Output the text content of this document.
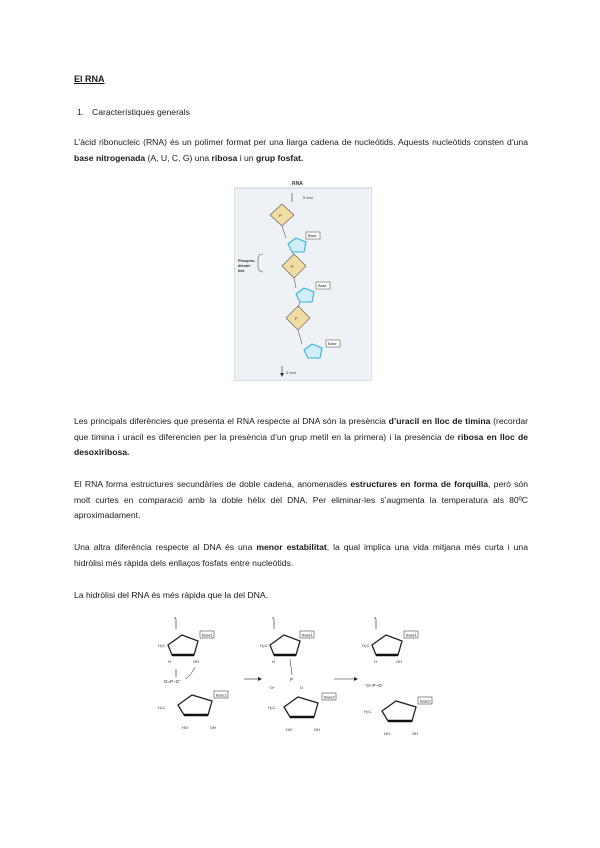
El RNA
1. Característiques generals

L’àcid ribonucleic (RNA) és un polímer format per una llarga cadena de nucleòtids. Aquests nucleòtids consten d’una base nitrogenada (A, U, C, G) una ribosa i un grup fosfat.

RNA
5’ end
P
Base
Phospho-
diester
link
P
Base
P
Base
3’ end

Les principals diferències que presenta el RNA respecte al DNA són la presència d’uracil en lloc de timina (recordar que timina i uracil es diferencien per la presència d’un grup metil en la primera) i la presència de ribosa en lloc de desoxiribosa.

El RNA forma estructures secundàries de doble cadena, anomenades estructures en forma de forquilla, però són molt curtes en comparació amb la doble hèlix del DNA. Per eliminar-les s’augmenta la temperatura als 80ºC aproximadament.

Una altra diferència respecte al DNA és una menor estabilitat, la qual implica una vida mitjana més curta i una hidròlisi més ràpida dels enllaços fosfats entre nucleòtids.

La hidròlisi del RNA és més ràpida que la del DNA.

5
H₂C
Base1
H	OH
O=P−O⁻
H₂C
Base2
HO	OH
5
H₂C
Base1
H
P
⁻O−	O
H₂C
Base2
HO	OH
5
H₂C
Base1
H	OH
⁻O−P−O⁻
H₂C
Base2
HO	OH
